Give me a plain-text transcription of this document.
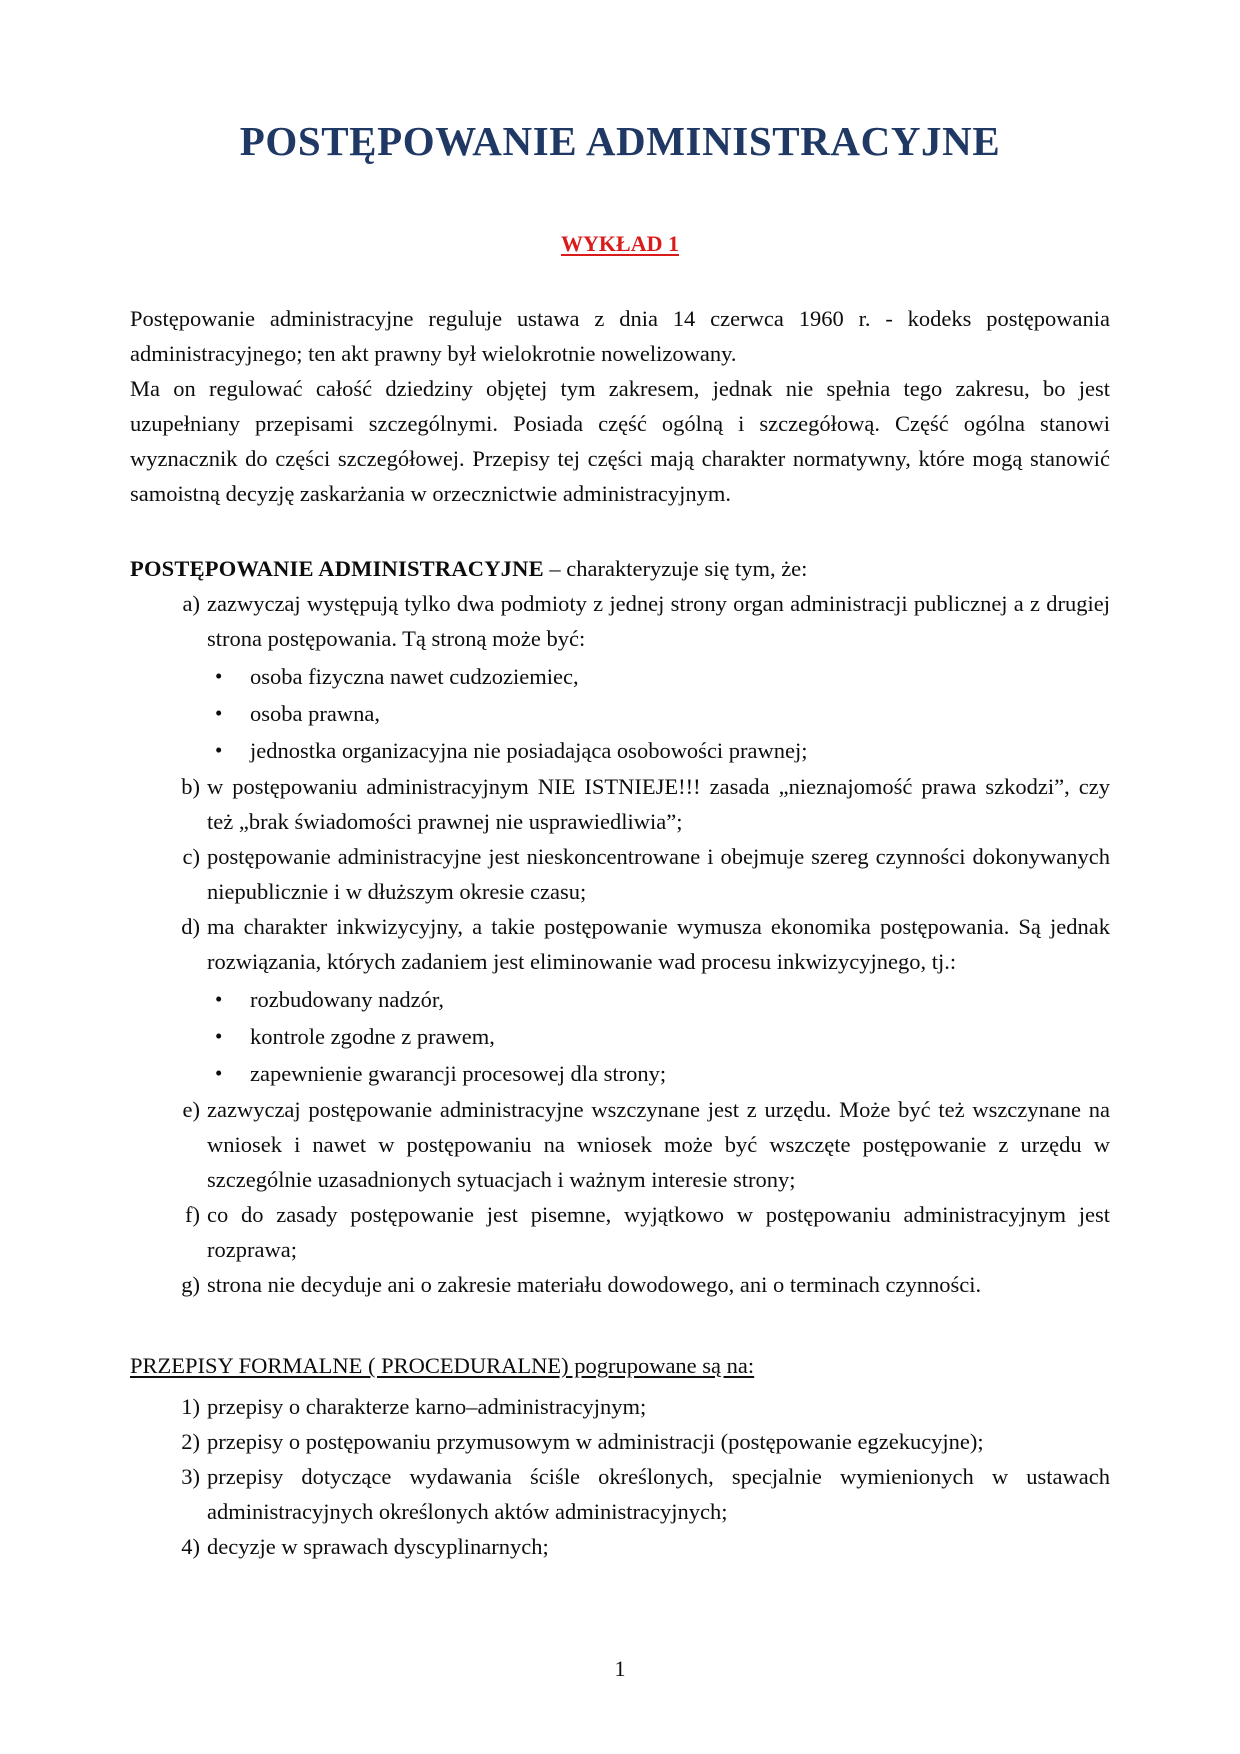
POSTĘPOWANIE ADMINISTRACYJNE
WYKŁAD 1

Postępowanie administracyjne reguluje ustawa z dnia 14 czerwca 1960 r. - kodeks postępowania administracyjnego; ten akt prawny był wielokrotnie nowelizowany.

Ma on regulować całość dziedziny objętej tym zakresem, jednak nie spełnia tego zakresu, bo jest uzupełniany przepisami szczególnymi. Posiada część ogólną i szczegółową. Część ogólna stanowi wyznacznik do części szczegółowej. Przepisy tej części mają charakter normatywny, które mogą stanowić samoistną decyzję zaskarżania w orzecznictwie administracyjnym.

POSTĘPOWANIE ADMINISTRACYJNE – charakteryzuje się tym, że:
zazwyczaj występują tylko dwa podmioty z jednej strony organ administracji publicznej a z drugiej strona postępowania. Tą stroną może być:
• osoba fizyczna nawet cudzoziemiec,
• osoba prawna,
• jednostka organizacyjna nie posiadająca osobowości prawnej;
w postępowaniu administracyjnym NIE ISTNIEJE!!! zasada „nieznajomość prawa szkodzi”, czy też „brak świadomości prawnej nie usprawiedliwia”;
postępowanie administracyjne jest nieskoncentrowane i obejmuje szereg czynności dokonywanych niepublicznie i w dłuższym okresie czasu;
ma charakter inkwizycyjny, a takie postępowanie wymusza ekonomika postępowania. Są jednak rozwiązania, których zadaniem jest eliminowanie wad procesu inkwizycyjnego, tj.:
• rozbudowany nadzór,
• kontrole zgodne z prawem,
• zapewnienie gwarancji procesowej dla strony;
zazwyczaj postępowanie administracyjne wszczynane jest z urzędu. Może być też wszczynane na wniosek i nawet w postępowaniu na wniosek może być wszczęte postępowanie z urzędu w szczególnie uzasadnionych sytuacjach i ważnym interesie strony;
co do zasady postępowanie jest pisemne, wyjątkowo w postępowaniu administracyjnym jest rozprawa;
strona nie decyduje ani o zakresie materiału dowodowego, ani o terminach czynności.
PRZEPISY FORMALNE ( PROCEDURALNE) pogrupowane są na:
przepisy o charakterze karno–administracyjnym;
przepisy o postępowaniu przymusowym w administracji (postępowanie egzekucyjne);
przepisy dotyczące wydawania ściśle określonych, specjalnie wymienionych w ustawach administracyjnych określonych aktów administracyjnych;
decyzje w sprawach dyscyplinarnych;
1
